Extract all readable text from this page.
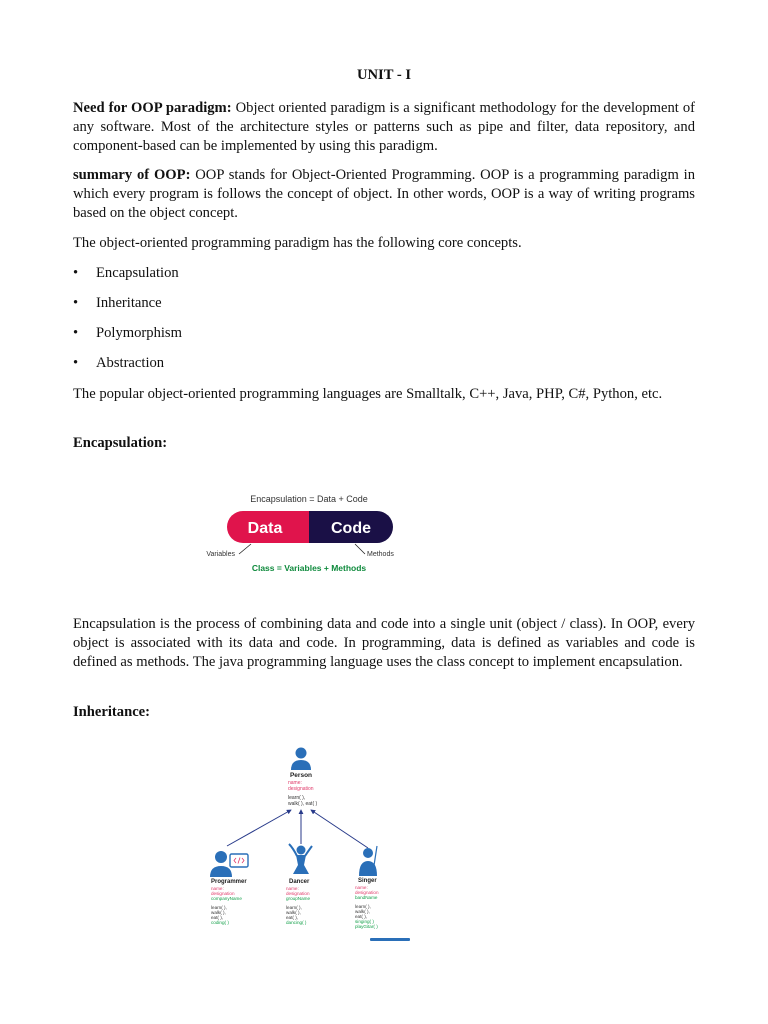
UNIT - I

Need for OOP paradigm: Object oriented paradigm is a significant methodology for the development of any software. Most of the architecture styles or patterns such as pipe and filter, data repository, and component-based can be implemented by using this paradigm.

summary of OOP: OOP stands for Object-Oriented Programming. OOP is a programming paradigm in which every program is follows the concept of object. In other words, OOP is a way of writing programs based on the object concept.

The object-oriented programming paradigm has the following core concepts.

• Encapsulation
• Inheritance
• Polymorphism
• Abstraction

The popular object-oriented programming languages are Smalltalk, C++, Java, PHP, C#, Python, etc.

Encapsulation:

Encapsulation is the process of combining data and code into a single unit (object / class). In OOP, every object is associated with its data and code. In programming, data is defined as variables and code is defined as methods. The java programming language uses the class concept to implement encapsulation.

Inheritance:
Encapsulation = Data + Code
Data	Code
Variables	Methods
Class = Variables + Methods
Person
name:
designation
learn( ),
walk( ), eat( )
Programmer
name:
designation
companyName
learn( ),
walk( ),
eat( ),
coding( )
Dancer
name:
designation
groupName
learn( ),
walk( ),
eat( ),
dancing( )
Singer
name:
designation
bandName
learn( ),
walk( ),
eat( ),
singing( )
playGitar( )
